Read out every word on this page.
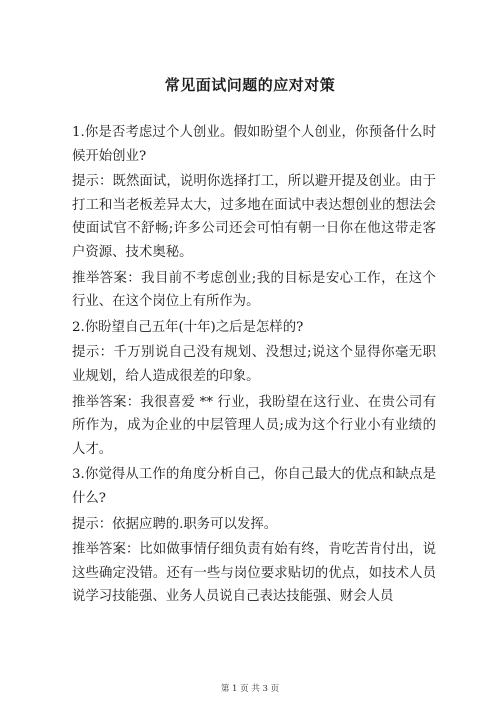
常见面试问题的应对对策

1.你是否考虑过个人创业。假如盼望个人创业，你预备什么时候开始创业?

提示：既然面试，说明你选择打工，所以避开提及创业。由于打工和当老板差异太大，过多地在面试中表达想创业的想法会使面试官不舒畅;许多公司还会可怕有朝一日你在他这带走客户资源、技术奥秘。

推举答案：我目前不考虑创业;我的目标是安心工作，在这个行业、在这个岗位上有所作为。

2.你盼望自己五年(十年)之后是怎样的?

提示：千万别说自己没有规划、没想过;说这个显得你毫无职业规划，给人造成很差的印象。

推举答案：我很喜爱 ** 行业，我盼望在这行业、在贵公司有所作为，成为企业的中层管理人员;成为这个行业小有业绩的人才。

3.你觉得从工作的角度分析自己，你自己最大的优点和缺点是什么?

提示：依据应聘的.职务可以发挥。

推举答案：比如做事情仔细负责有始有终，肯吃苦肯付出，说这些确定没错。还有一些与岗位要求贴切的优点，如技术人员说学习技能强、业务人员说自己表达技能强、财会人员

第 1 页 共 3 页
